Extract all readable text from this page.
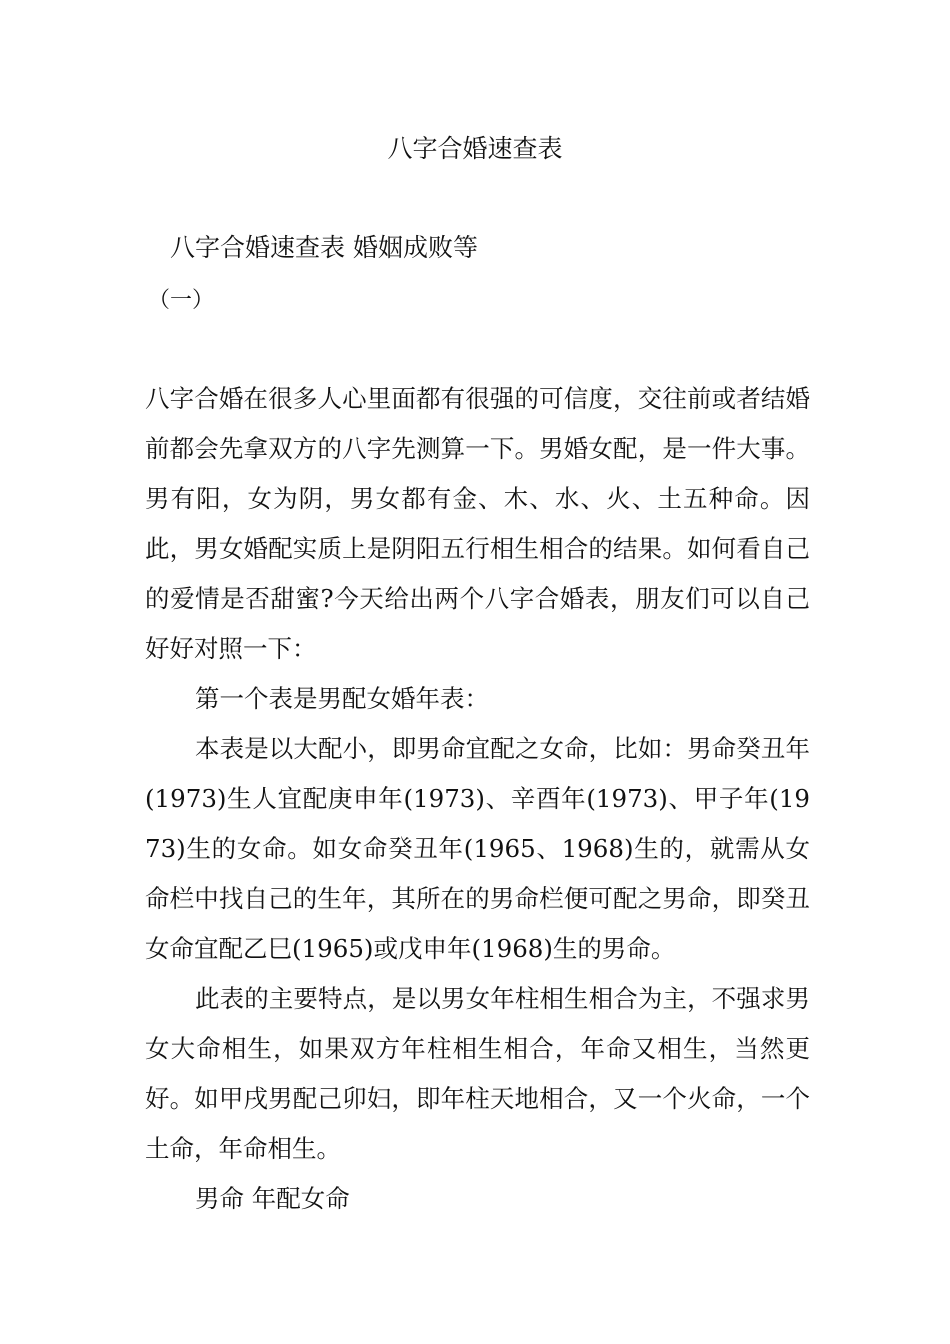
八字合婚速查表
八字合婚速查表 婚姻成败等
（一）

八字合婚在很多人心里面都有很强的可信度，交往前或者结婚前都会先拿双方的八字先测算一下。男婚女配，是一件大事。男有阳，女为阴，男女都有金、木、水、火、土五种命。因此，男女婚配实质上是阴阳五行相生相合的结果。如何看自己的爱情是否甜蜜?今天给出两个八字合婚表，朋友们可以自己好好对照一下：

第一个表是男配女婚年表：

本表是以大配小，即男命宜配之女命，比如：男命癸丑年(1973)生人宜配庚申年(1973)、辛酉年(1973)、甲子年(1973)生的女命。如女命癸丑年(1965、1968)生的，就需从女命栏中找自己的生年，其所在的男命栏便可配之男命，即癸丑女命宜配乙巳(1965)或戊申年(1968)生的男命。

此表的主要特点，是以男女年柱相生相合为主，不强求男女大命相生，如果双方年柱相生相合，年命又相生，当然更好。如甲戌男配己卯妇，即年柱天地相合，又一个火命，一个土命，年命相生。

男命 年配女命
